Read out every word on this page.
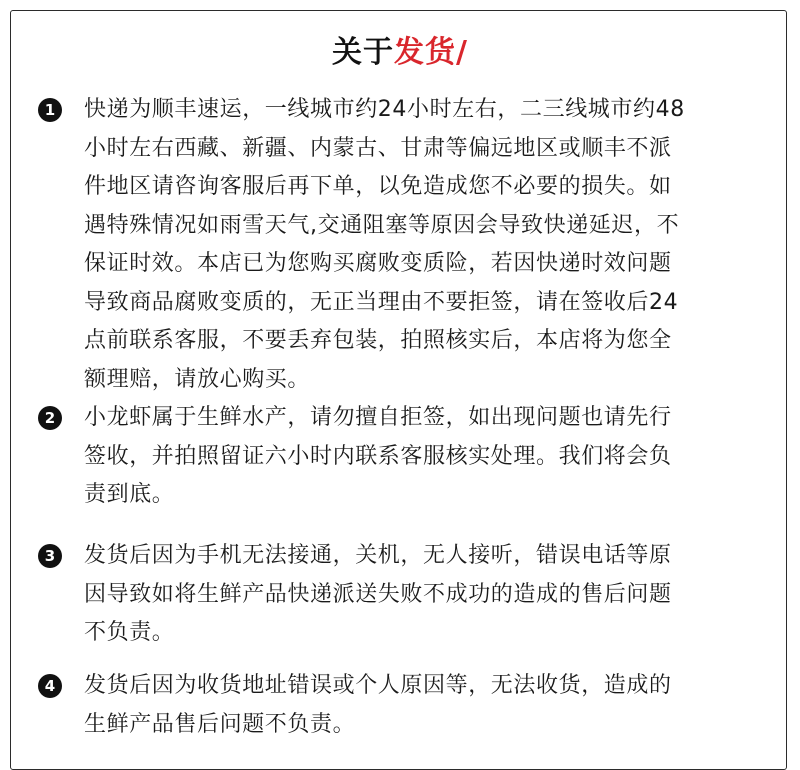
关于发货/
1	快递为顺丰速运，一线城市约24小时左右，二三线城市约48
小时左右西藏、新疆、内蒙古、甘肃等偏远地区或顺丰不派
件地区请咨询客服后再下单，以免造成您不必要的损失。如
遇特殊情况如雨雪天气,交通阻塞等原因会导致快递延迟，不
保证时效。本店已为您购买腐败变质险，若因快递时效问题
导致商品腐败变质的，无正当理由不要拒签，请在签收后24
点前联系客服，不要丢弃包装，拍照核实后，本店将为您全
额理赔，请放心购买。
2	小龙虾属于生鲜水产，请勿擅自拒签，如出现问题也请先行
签收，并拍照留证六小时内联系客服核实处理。我们将会负
责到底。
3	发货后因为手机无法接通，关机，无人接听，错误电话等原
因导致如将生鲜产品快递派送失败不成功的造成的售后问题
不负责。
4	发货后因为收货地址错误或个人原因等，无法收货，造成的
生鲜产品售后问题不负责。
